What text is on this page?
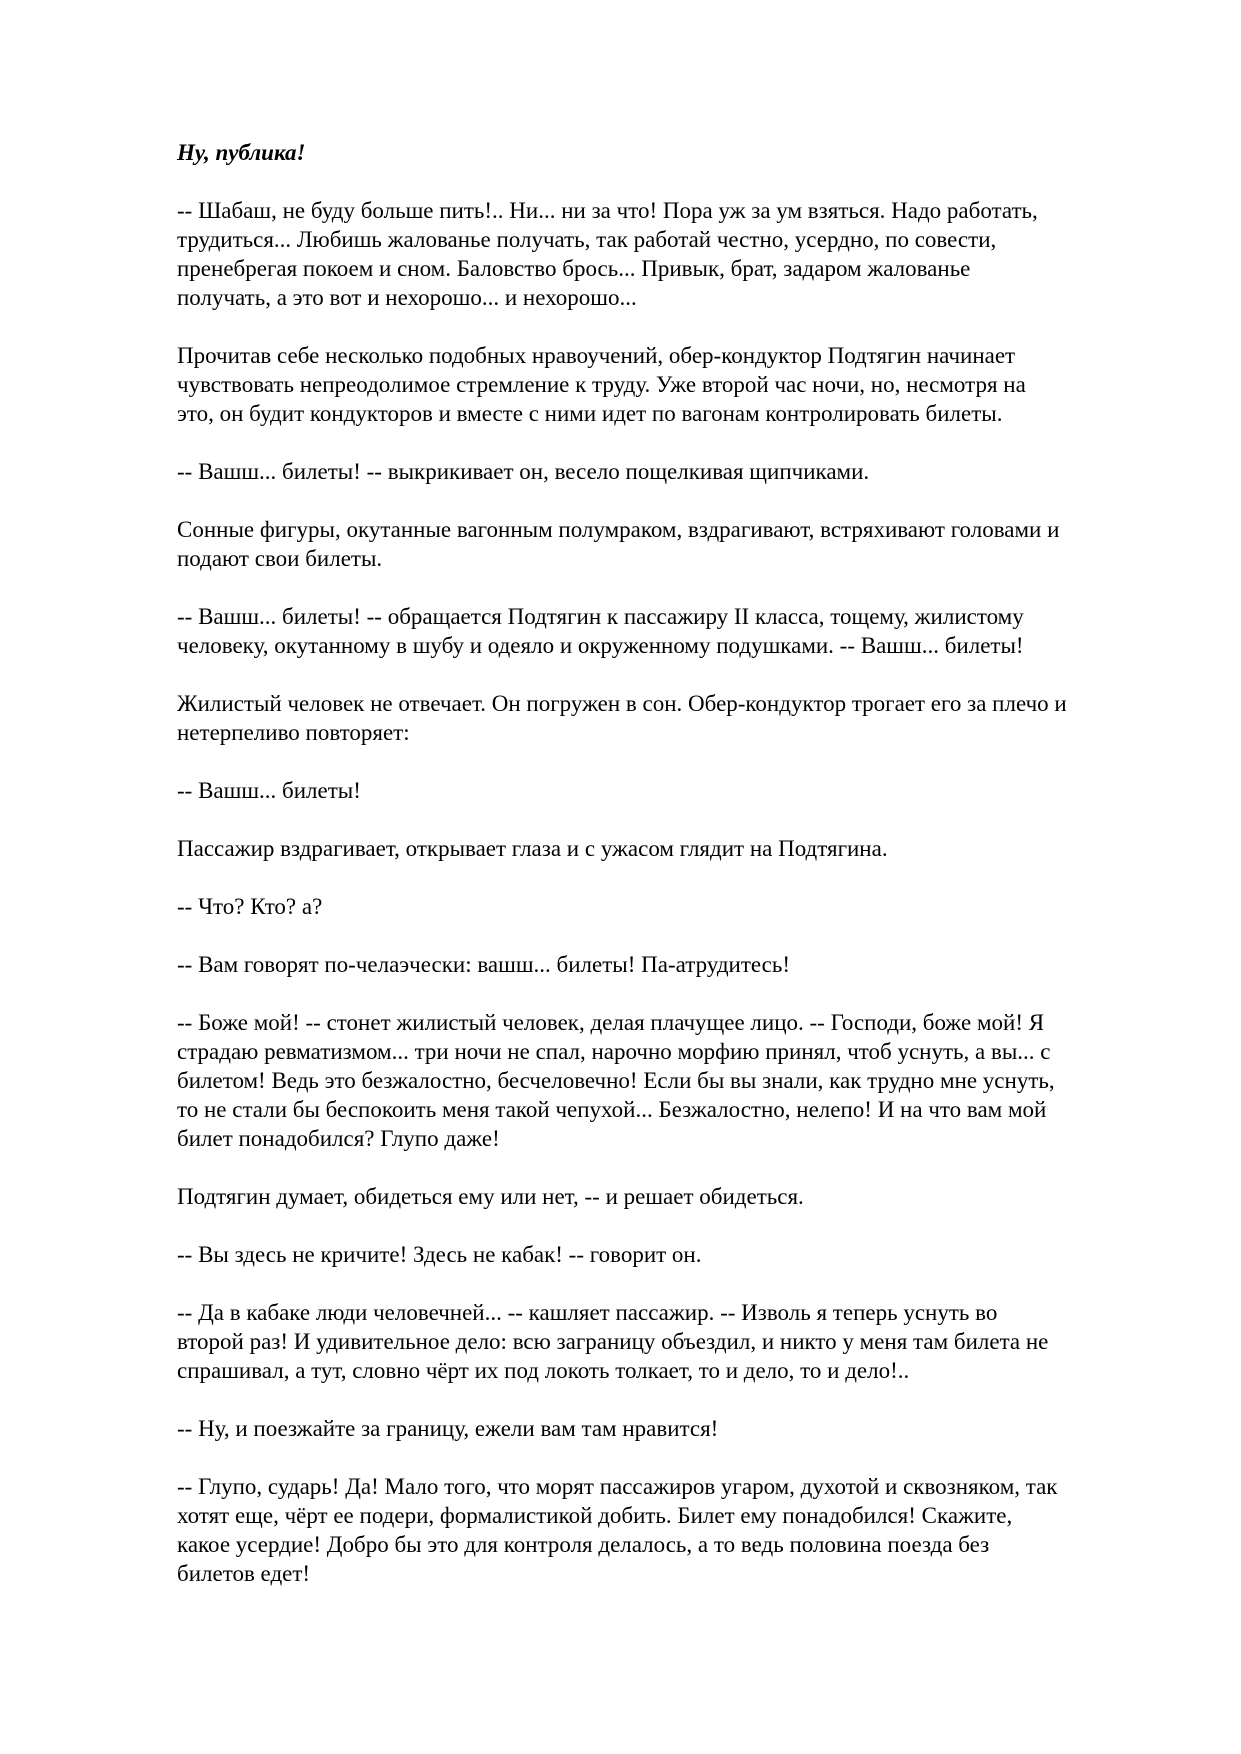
Ну, публика!
-- Шабаш, не буду больше пить!.. Ни... ни за что! Пора уж за ум взяться. Надо работать,
трудиться... Любишь жалованье получать, так работай честно, усердно, по совести,
пренебрегая покоем и сном. Баловство брось... Привык, брат, задаром жалованье
получать, а это вот и нехорошо... и нехорошо...
Прочитав себе несколько подобных нравоучений, обер-кондуктор Подтягин начинает
чувствовать непреодолимое стремление к труду. Уже второй час ночи, но, несмотря на
это, он будит кондукторов и вместе с ними идет по вагонам контролировать билеты.
-- Вашш... билеты! -- выкрикивает он, весело пощелкивая щипчиками.
Сонные фигуры, окутанные вагонным полумраком, вздрагивают, встряхивают головами и
подают свои билеты.
-- Вашш... билеты! -- обращается Подтягин к пассажиру II класса, тощему, жилистому
человеку, окутанному в шубу и одеяло и окруженному подушками. -- Вашш... билеты!
Жилистый человек не отвечает. Он погружен в сон. Обер-кондуктор трогает его за плечо и
нетерпеливо повторяет:
-- Вашш... билеты!
Пассажир вздрагивает, открывает глаза и с ужасом глядит на Подтягина.
-- Что? Кто? а?
-- Вам говорят по-челаэчески: вашш... билеты! Па-атрудитесь!
-- Боже мой! -- стонет жилистый человек, делая плачущее лицо. -- Господи, боже мой! Я
страдаю ревматизмом... три ночи не спал, нарочно морфию принял, чтоб уснуть, а вы... с
билетом! Ведь это безжалостно, бесчеловечно! Если бы вы знали, как трудно мне уснуть,
то не стали бы беспокоить меня такой чепухой... Безжалостно, нелепо! И на что вам мой
билет понадобился? Глупо даже!
Подтягин думает, обидеться ему или нет, -- и решает обидеться.
-- Вы здесь не кричите! Здесь не кабак! -- говорит он.
-- Да в кабаке люди человечней... -- кашляет пассажир. -- Изволь я теперь уснуть во
второй раз! И удивительное дело: всю заграницу объездил, и никто у меня там билета не
спрашивал, а тут, словно чёрт их под локоть толкает, то и дело, то и дело!..
-- Ну, и поезжайте за границу, ежели вам там нравится!
-- Глупо, сударь! Да! Мало того, что морят пассажиров угаром, духотой и сквозняком, так
хотят еще, чёрт ее подери, формалистикой добить. Билет ему понадобился! Скажите,
какое усердие! Добро бы это для контроля делалось, а то ведь половина поезда без
билетов едет!
